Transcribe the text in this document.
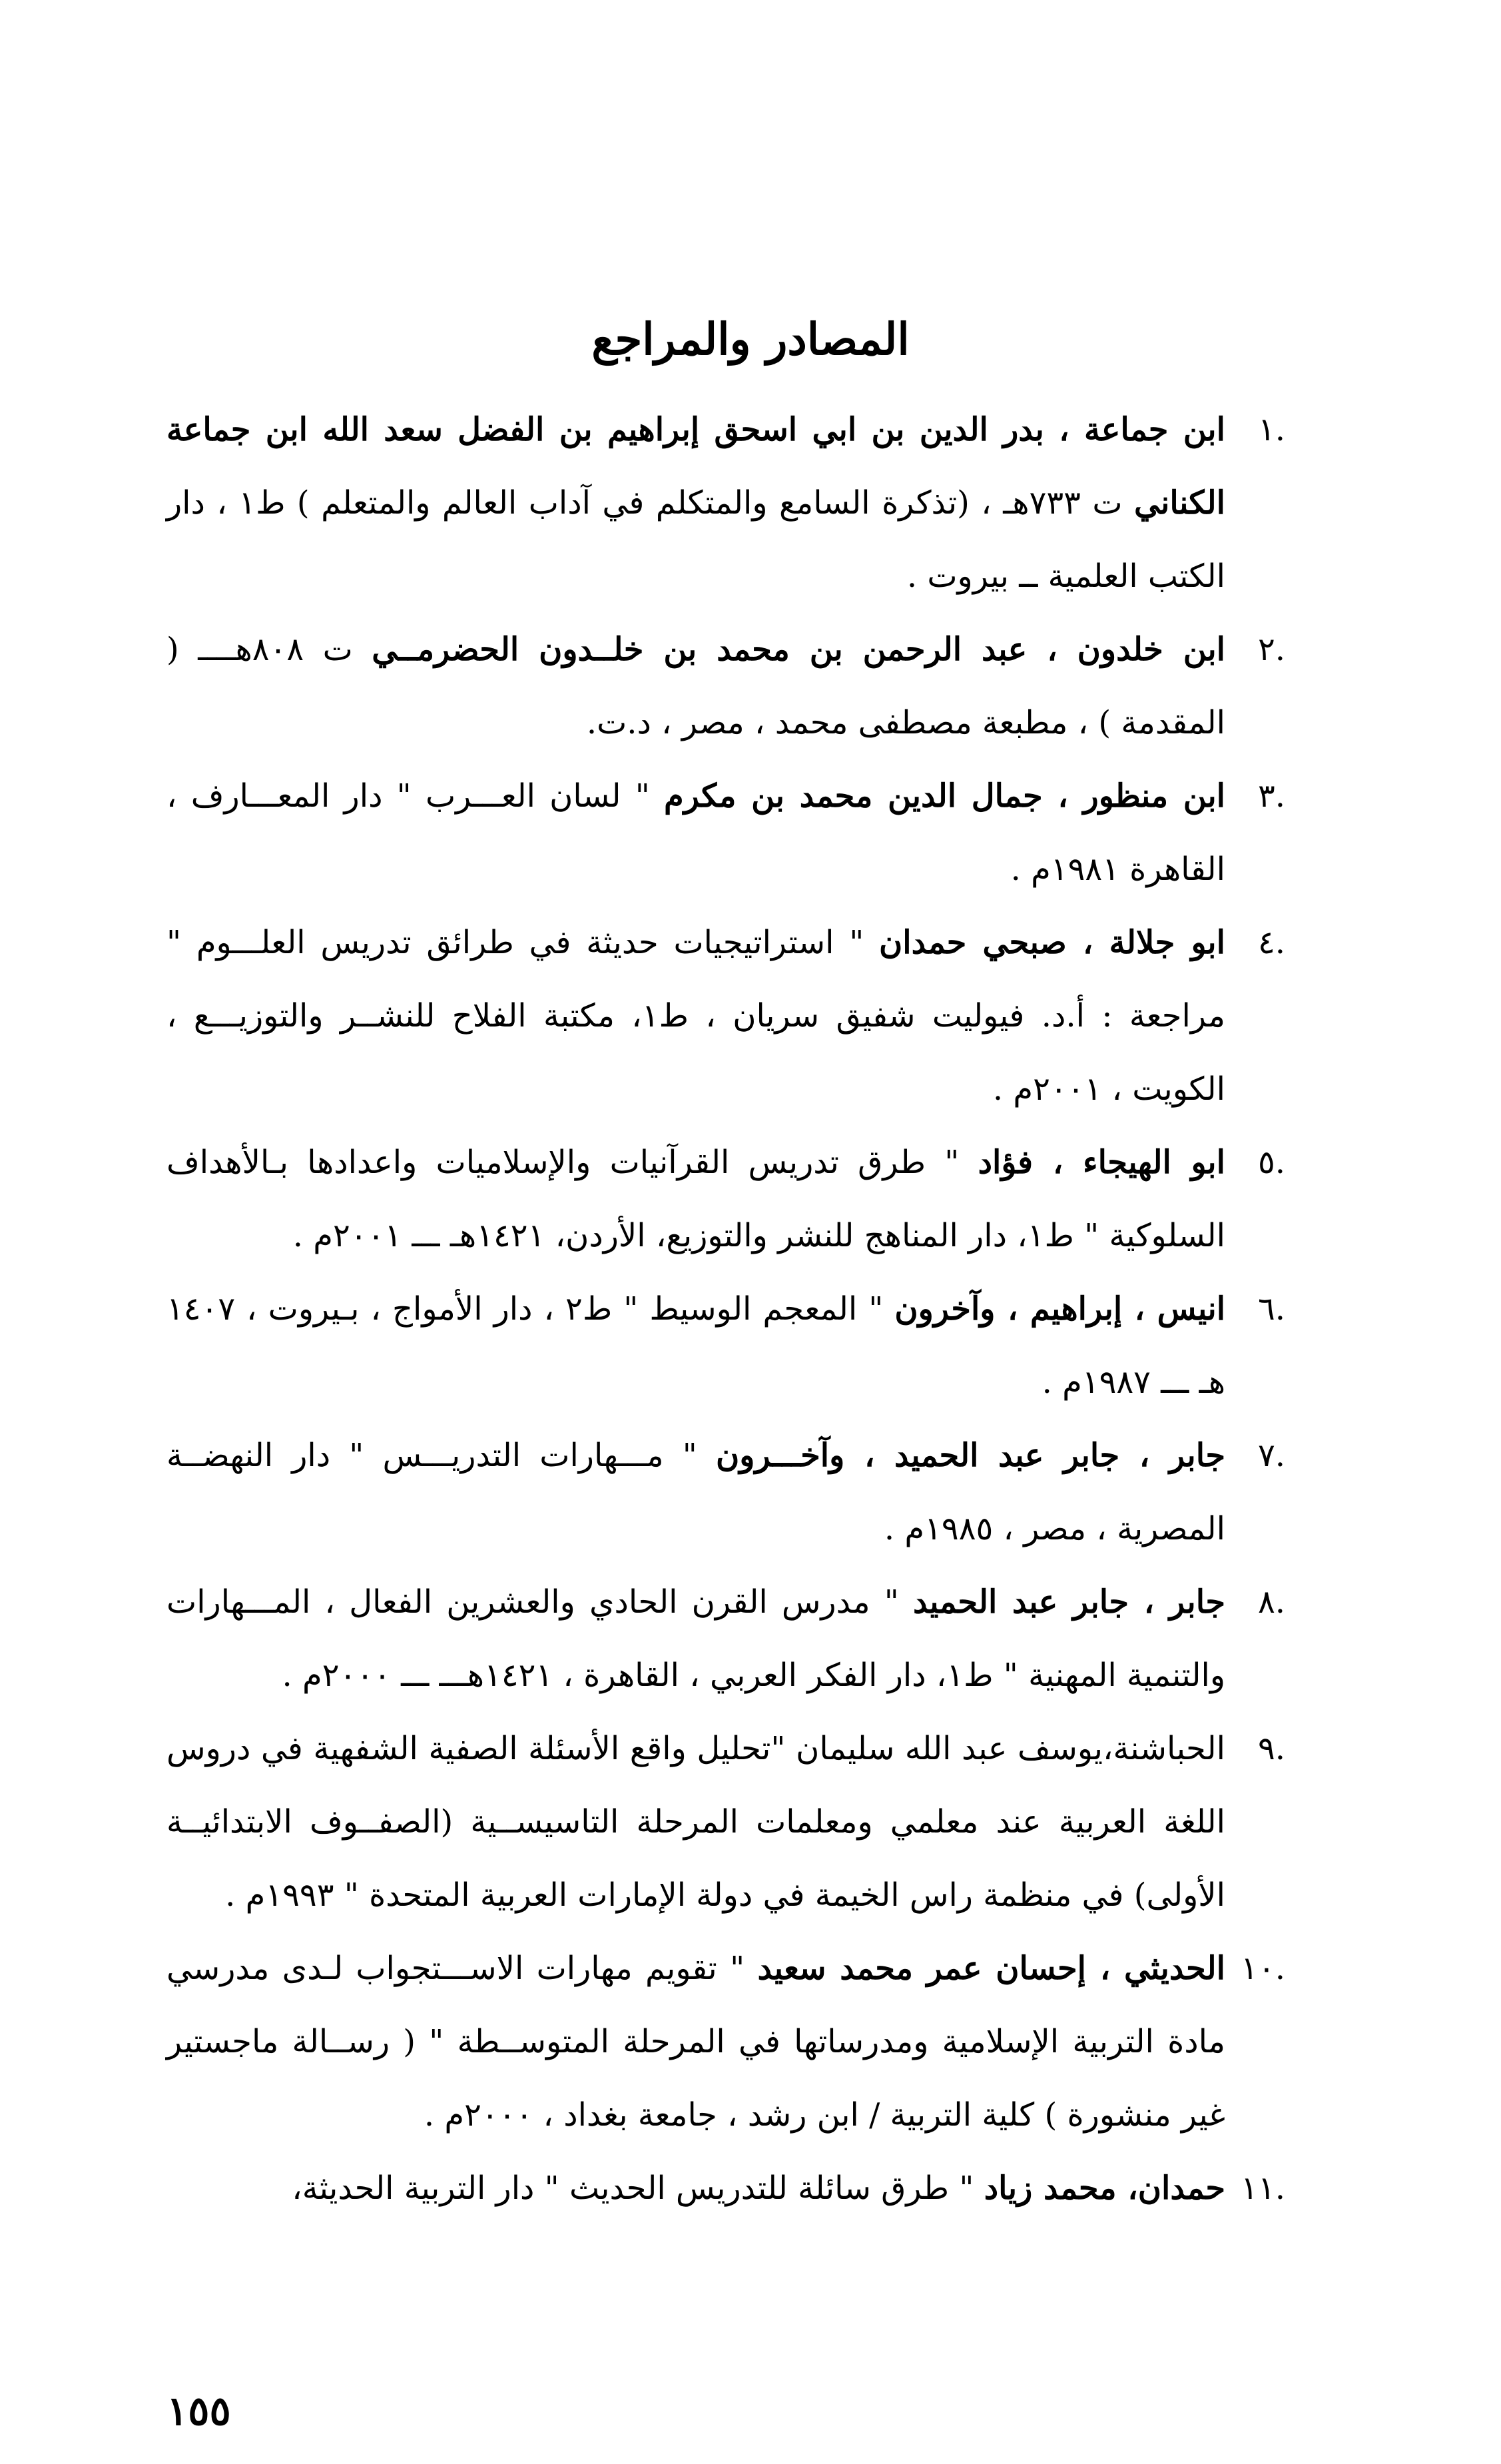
المصادر والمراجع
.١
ابن جماعة ، بدر الدين بن ابي اسحق إبراهيم بن الفضل سعد الله ابن جماعة الكناني ت ٧٣٣هـ ، (تذكرة السامع والمتكلم في آداب العالم والمتعلم ) ط١ ، دار الكتب العلمية ــ بيروت .
.٢
ابن خلدون ، عبد الرحمن بن محمد بن خلــدون الحضرمــي ت ٨٠٨هــــ ( المقدمة ) ، مطبعة مصطفى محمد ، مصر ، د.ت.
.٣
ابن منظور ، جمال الدين محمد بن مكرم " لسان العـــرب " دار المعـــارف ، القاهرة ١٩٨١م .
.٤
ابو جلالة ، صبحي حمدان " استراتيجيات حديثة في طرائق تدريس العلـــوم " مراجعة : أ.د. فيوليت شفيق سريان ، ط١، مكتبة الفلاح للنشــر والتوزيـــع ، الكويت ، ٢٠٠١م .
.٥
ابو الهيجاء ، فؤاد " طرق تدريس القرآنيات والإسلاميات واعدادها بـالأهداف السلوكية " ط١، دار المناهج للنشر والتوزيع، الأردن، ١٤٢١هـ ـــ ٢٠٠١م .
.٦
انيس ، إبراهيم ، وآخرون " المعجم الوسيط " ط٢ ، دار الأمواج ، بـيروت ، ١٤٠٧ هـ ـــ ١٩٨٧م .
.٧
جابر ، جابر عبد الحميد ، وآخـــرون " مـــهارات التدريـــس " دار النهضــة المصرية ، مصر ، ١٩٨٥م .
.٨
جابر ، جابر عبد الحميد " مدرس القرن الحادي والعشرين الفعال ، المـــهارات والتنمية المهنية " ط١، دار الفكر العربي ، القاهرة ، ١٤٢١هـــ ـــ ٢٠٠٠م .
.٩
الحباشنة،يوسف عبد الله سليمان "تحليل واقع الأسئلة الصفية الشفهية في دروس اللغة العربية عند معلمي ومعلمات المرحلة التاسيســية (الصفــوف الابتدائيــة الأولى) في منظمة راس الخيمة في دولة الإمارات العربية المتحدة " ١٩٩٣م .
.١٠
الحديثي ، إحسان عمر محمد سعيد " تقويم مهارات الاســـتجواب لـدى مدرسي مادة التربية الإسلامية ومدرساتها في المرحلة المتوســطة " ( رســالة ماجستير غير منشورة ) كلية التربية / ابن رشد ، جامعة بغداد ، ٢٠٠٠م .
.١١
حمدان، محمد زياد " طرق سائلة للتدريس الحديث " دار التربية الحديثة،
١٥٥
